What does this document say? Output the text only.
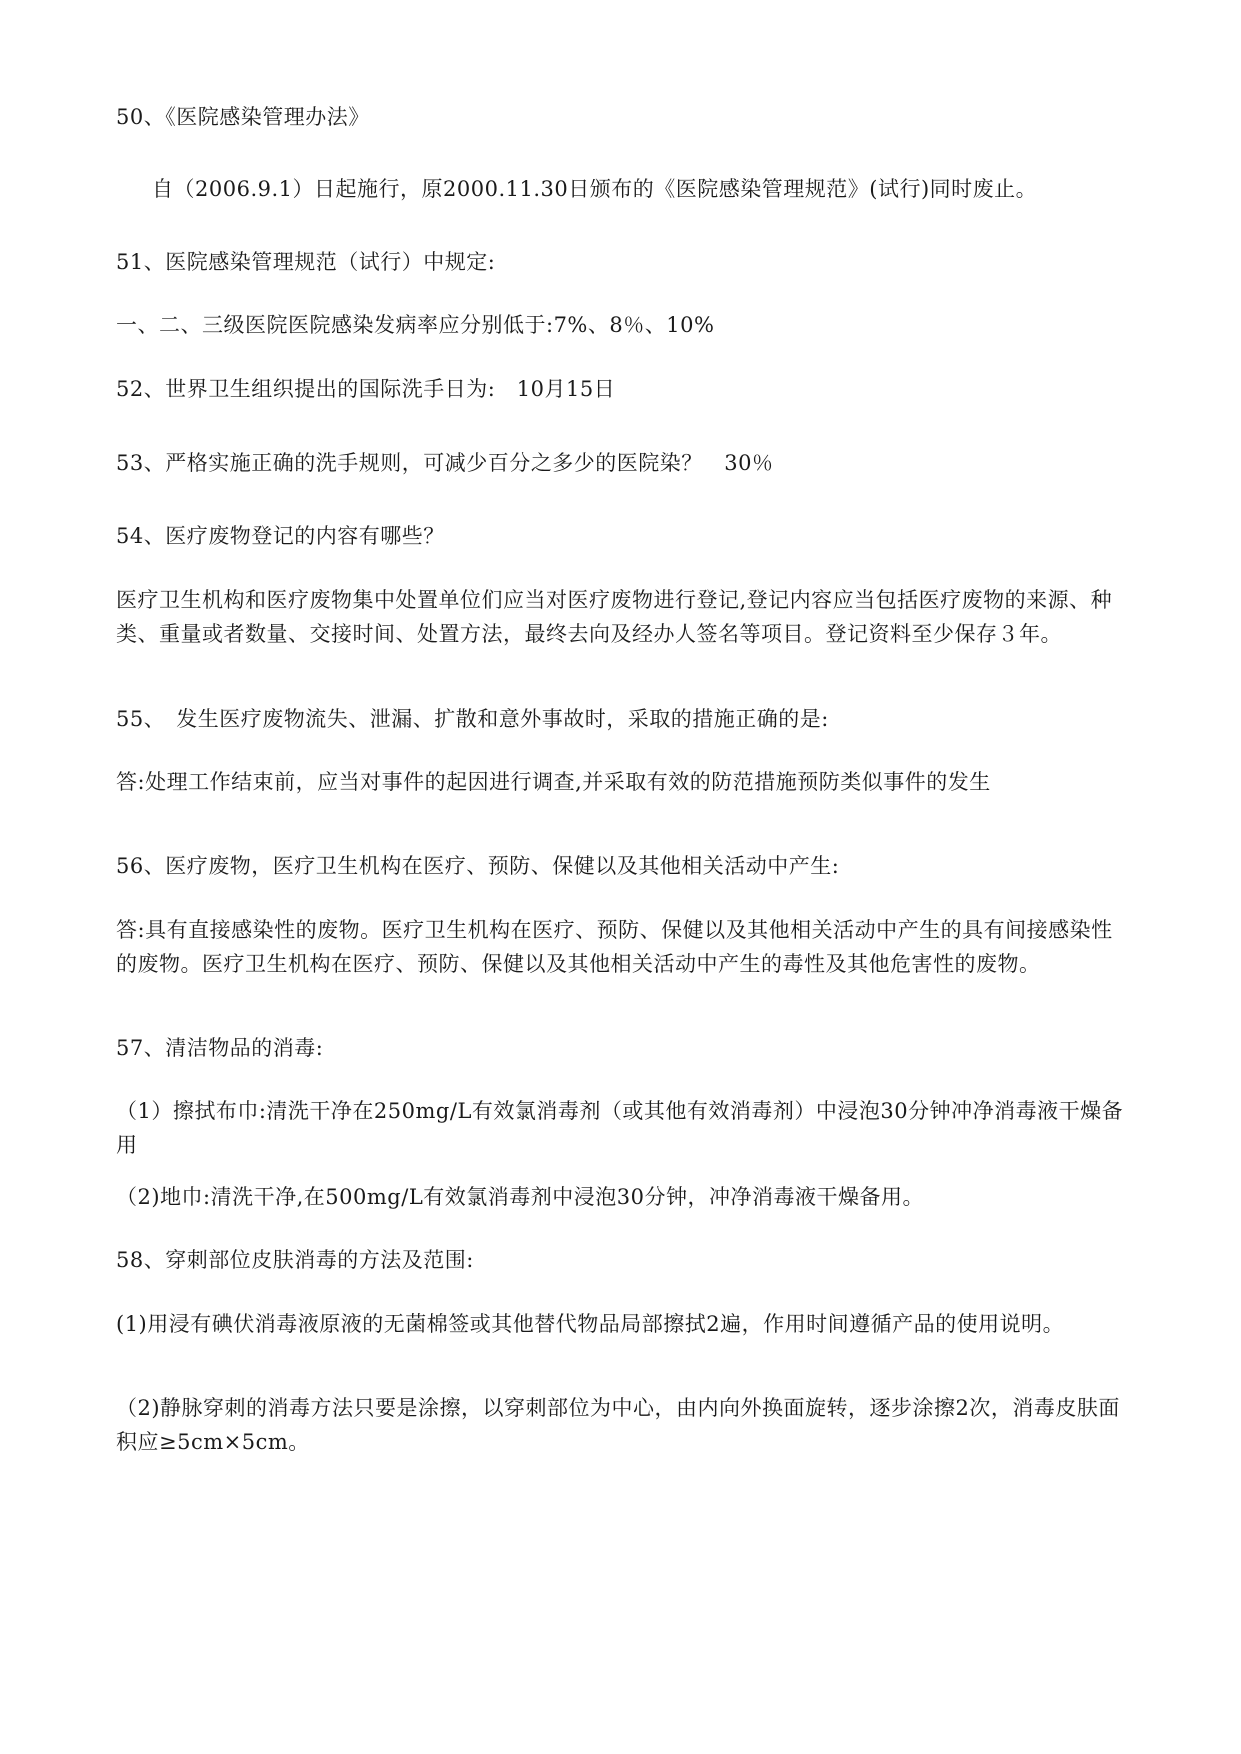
50、《医院感染管理办法》

自（2006.9.1）日起施行，原2000.11.30日颁布的《医院感染管理规范》(试行)同时废止。

51、医院感染管理规范（试行）中规定:

一、二、三级医院医院感染发病率应分别低于:7%、8％、10%

52、世界卫生组织提出的国际洗手日为:　10月15日

53、严格实施正确的洗手规则，可减少百分之多少的医院染？　30％

54、医疗废物登记的内容有哪些？

医疗卫生机构和医疗废物集中处置单位们应当对医疗废物进行登记,登记内容应当包括医疗废物的来源、种类、重量或者数量、交接时间、处置方法，最终去向及经办人签名等项目。登记资料至少保存３年。

55、　发生医疗废物流失、泄漏、扩散和意外事故时，采取的措施正确的是:

答:处理工作结束前，应当对事件的起因进行调查,并采取有效的防范措施预防类似事件的发生

56、医疗废物，医疗卫生机构在医疗、预防、保健以及其他相关活动中产生:

答:具有直接感染性的废物。医疗卫生机构在医疗、预防、保健以及其他相关活动中产生的具有间接感染性的废物。医疗卫生机构在医疗、预防、保健以及其他相关活动中产生的毒性及其他危害性的废物。

57、清洁物品的消毒:

（1）擦拭布巾:清洗干净在250mg/L有效氯消毒剂（或其他有效消毒剂）中浸泡30分钟冲净消毒液干燥备用

（2)地巾:清洗干净,在500mg/L有效氯消毒剂中浸泡30分钟，冲净消毒液干燥备用。

58、穿刺部位皮肤消毒的方法及范围:

(1)用浸有碘伏消毒液原液的无菌棉签或其他替代物品局部擦拭2遍，作用时间遵循产品的使用说明。

（2)静脉穿刺的消毒方法只要是涂擦，以穿刺部位为中心，由内向外换面旋转，逐步涂擦2次，消毒皮肤面积应≥5cm×5cm。
